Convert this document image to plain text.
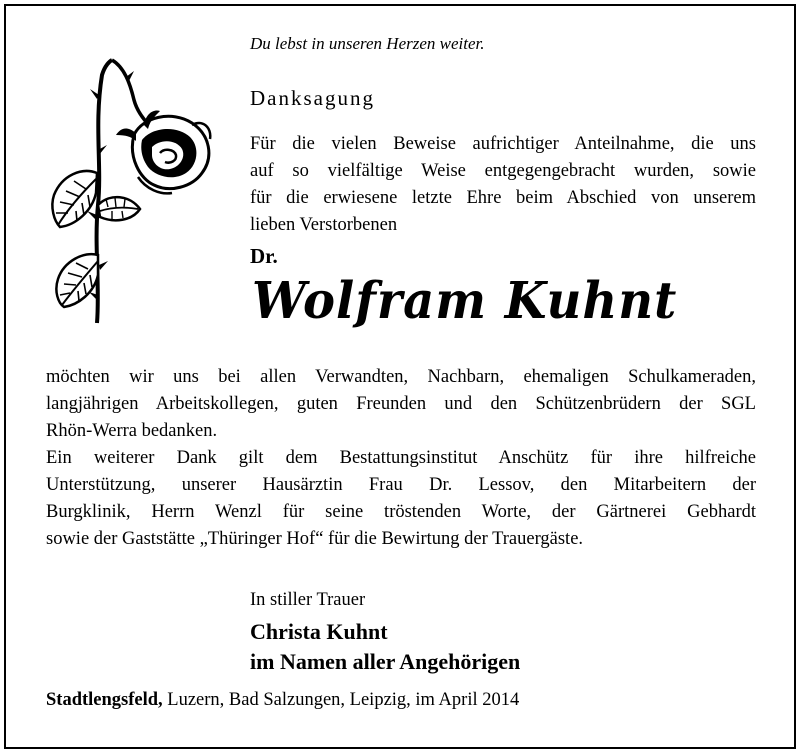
Du lebst in unseren Herzen weiter.
Danksagung
Für die vielen Beweise aufrichtiger Anteilnahme, die uns
auf so vielfältige Weise entgegengebracht wurden, sowie
für die erwiesene letzte Ehre beim Abschied von unserem
lieben Verstorbenen
Dr.
Wolfram Kuhnt
möchten wir uns bei allen Verwandten, Nachbarn, ehemaligen Schulkameraden,
langjährigen Arbeitskollegen, guten Freunden und den Schützenbrüdern der SGL
Rhön-Werra bedanken.
Ein weiterer Dank gilt dem Bestattungsinstitut Anschütz für ihre hilfreiche
Unterstützung, unserer Hausärztin Frau Dr. Lessov, den Mitarbeitern der
Burgklinik, Herrn Wenzl für seine tröstenden Worte, der Gärtnerei Gebhardt
sowie der Gaststätte „Thüringer Hof“ für die Bewirtung der Trauergäste.
In stiller Trauer
Christa Kuhnt
im Namen aller Angehörigen
Stadtlengsfeld, Luzern, Bad Salzungen, Leipzig, im April 2014
